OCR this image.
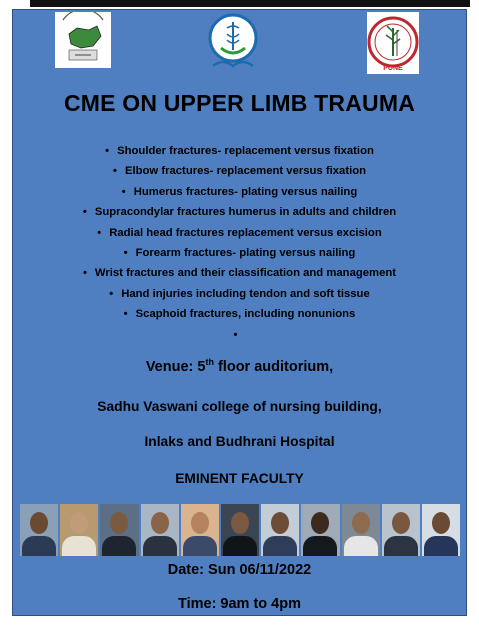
PUNE
CME ON UPPER LIMB TRAUMA
• Shoulder fractures- replacement versus fixation
• Elbow fractures- replacement versus fixation
• Humerus fractures- plating versus nailing
• Supracondylar fractures humerus in adults and children
• Radial head fractures replacement versus excision
• Forearm fractures- plating versus nailing
• Wrist fractures and their classification and management
• Hand injuries including tendon and soft tissue
• Scaphoid fractures, including nonunions
•
Venue: 5th floor auditorium,
Sadhu Vaswani college of nursing building,
Inlaks and Budhrani Hospital
EMINENT FACULTY
Date: Sun 06/11/2022
Time: 9am to 4pm
